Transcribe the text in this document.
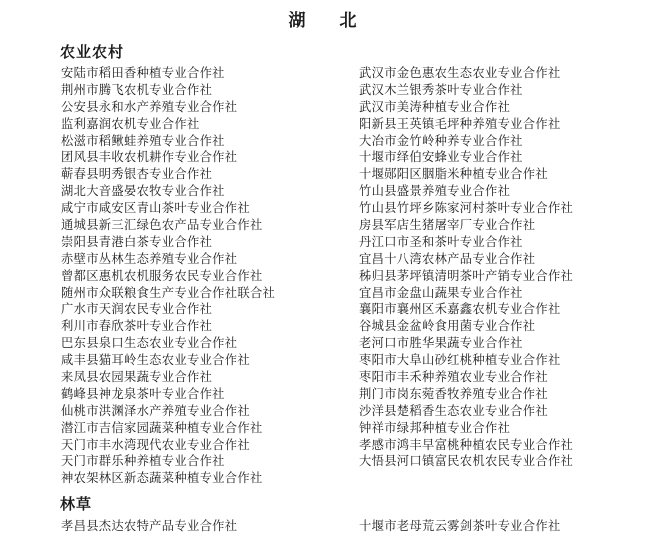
湖 北
农业农村
安陆市稻田香种植专业合作社
荆州市腾飞农机专业合作社
公安县永和水产养殖专业合作社
监利嘉润农机专业合作社
松滋市稻鳅蛙养殖专业合作社
团风县丰收农机耕作专业合作社
蕲春县明秀银杏专业合作社
湖北大音盛晏农牧专业合作社
咸宁市咸安区青山茶叶专业合作社
通城县新三汇绿色农产品专业合作社
崇阳县青港白茶专业合作社
赤壁市丛林生态养殖专业合作社
曾都区惠机农机服务农民专业合作社
随州市众联粮食生产专业合作社联合社
广水市天润农民专业合作社
利川市春欣茶叶专业合作社
巴东县泉口生态农业专业合作社
咸丰县猫耳岭生态农业专业合作社
来凤县农园果蔬专业合作社
鹤峰县神龙泉茶叶专业合作社
仙桃市洪渊泽水产养殖专业合作社
潜江市吉信家园蔬菜种植专业合作社
天门市丰水湾现代农业专业合作社
天门市群乐种养植专业合作社
神农架林区新态蔬菜种植专业合作社
武汉市金色惠农生态农业专业合作社
武汉木兰银秀茶叶专业合作社
武汉市美涛种植专业合作社
阳新县王英镇毛坪种养殖专业合作社
大冶市金竹岭种养专业合作社
十堰市绎伯安蜂业专业合作社
十堰郧阳区胭脂米种植专业合作社
竹山县盛景养殖专业合作社
竹山县竹坪乡陈家河村茶叶专业合作社
房县军店生猪屠宰厂专业合作社
丹江口市圣和茶叶专业合作社
宜昌十八湾农林产品专业合作社
秭归县茅坪镇清明茶叶产销专业合作社
宜昌市金盘山蔬果专业合作社
襄阳市襄州区禾嘉鑫农机专业合作社
谷城县金盆岭食用菌专业合作社
老河口市胜华果蔬专业合作社
枣阳市大阜山砂红桃种植专业合作社
枣阳市丰禾种养殖农业专业合作社
荆门市岗东菀香牧养殖专业合作社
沙洋县楚稻香生态农业专业合作社
钟祥市绿邦种植专业合作社
孝感市鸿丰早富桃种植农民专业合作社
大悟县河口镇富民农机农民专业合作社
林草
孝昌县杰达农特产品专业合作社	十堰市老母荒云雾剑茶叶专业合作社
